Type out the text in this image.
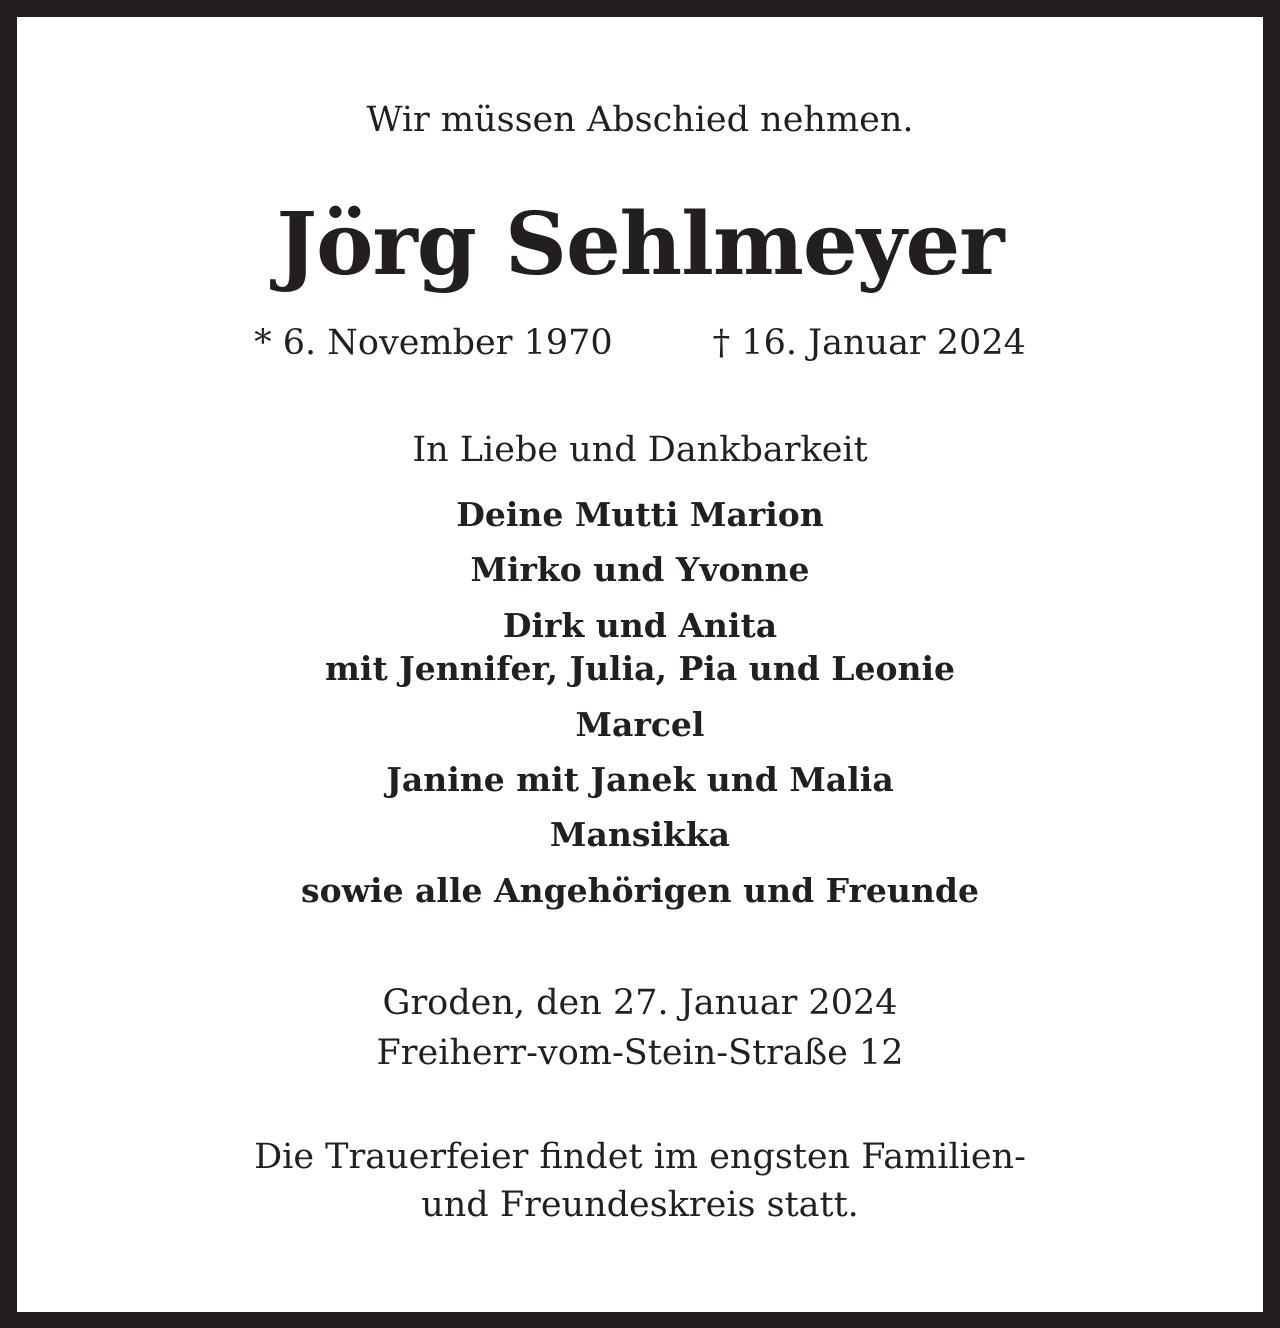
Wir müssen Abschied nehmen.
Jörg Sehlmeyer
* 6. November 1970	† 16. Januar 2024
In Liebe und Dankbarkeit
Deine Mutti Marion
Mirko und Yvonne
Dirk und Anita
mit Jennifer, Julia, Pia und Leonie
Marcel
Janine mit Janek und Malia
Mansikka
sowie alle Angehörigen und Freunde
Groden, den 27. Januar 2024
Freiherr-vom-Stein-Straße 12
Die Trauerfeier findet im engsten Familien-
und Freundeskreis statt.
